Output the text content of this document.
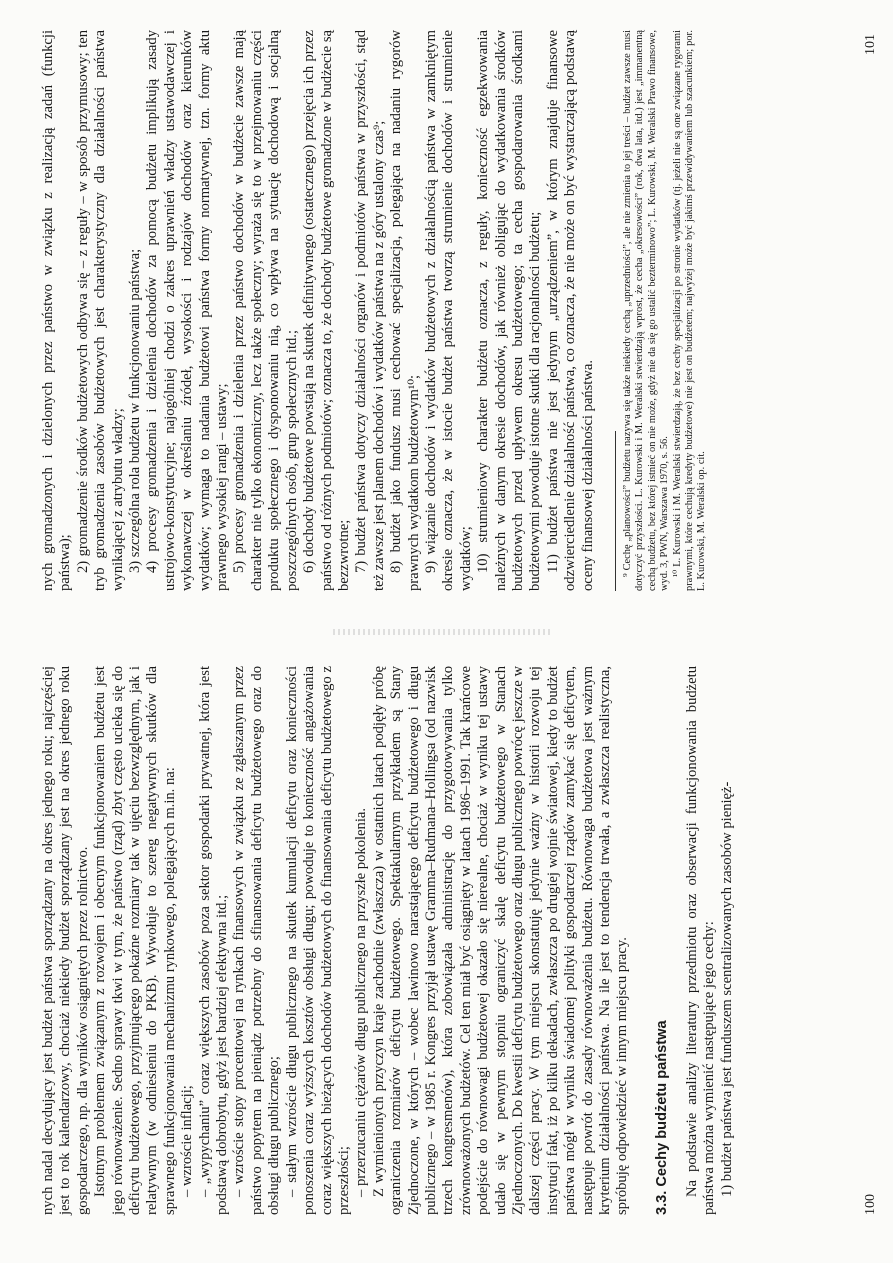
nych nadal decydujący jest budżet państwa sporządzany na okres jednego roku; najczęściej jest to rok kalendarzowy, chociaż niekiedy budżet sporządzany jest na okres jednego roku gospodarczego, np. dla wyników osiągniętych przez rolnictwo. Istotnym problemem związanym z rozwojem i obecnym funkcjonowaniem budżetu jest jego równoważenie. Sedno sprawy tkwi w tym, że państwo (rząd) zbyt często ucieka się do deficytu budżetowego, przyjmującego pokaźne rozmiary tak w ujęciu bezwzględnym, jak i relatywnym (w odniesieniu do PKB). Wywołuje to szereg negatywnych skutków dla sprawnego funkcjonowania mechanizmu rynkowego, polegających m.in. na: – wzroście inflacji; – „wypychaniu” coraz większych zasobów poza sektor gospodarki prywatnej, która jest podstawą dobrobytu, gdyż jest bardziej efektywna itd.; – wzroście stopy procentowej na rynkach finansowych w związku ze zgłaszanym przez państwo popytem na pieniądz potrzebny do sfinansowania deficytu budżetowego oraz do obsługi długu publicznego; – stałym wzroście długu publicznego na skutek kumulacji deficytu oraz konieczności ponoszenia coraz wyższych kosztów obsługi długu; powoduje to konieczność angażowania coraz większych bieżących dochodów budżetowych do finansowania deficytu budżetowego z przeszłości; – przerzucaniu ciężarów długu publicznego na przyszłe pokolenia. Z wymienionych przyczyn kraje zachodnie (zwłaszcza) w ostatnich latach podjęły próbę ograniczenia rozmiarów deficytu budżetowego. Spektakularnym przykładem są Stany Zjednoczone, w których – wobec lawinowo narastającego deficytu budżetowego i długu publicznego – w 1985 r. Kongres przyjął ustawę Gramma–Rudmana–Hollingsa (od nazwisk trzech kongresmenów), która zobowiązała administrację do przygotowywania tylko zrównoważonych budżetów. Cel ten miał być osiągnięty w latach 1986–1991. Tak krańcowe podejście do równowagi budżetowej okazało się nierealne, chociaż w wyniku tej ustawy udało się w pewnym stopniu ograniczyć skalę deficytu budżetowego w Stanach Zjednoczonych. Do kwestii deficytu budżetowego oraz długu publicznego powrócę jeszcze w dalszej części pracy. W tym miejscu skonstatuję jedynie ważny w historii rozwoju tej instytucji fakt, iż po kilku dekadach, zwłaszcza po drugiej wojnie światowej, kiedy to budżet państwa mógł w wyniku świadomej polityki gospodarczej rządów zamykać się deficytem, następuje powrót do zasady równoważenia budżetu. Równowaga budżetowa jest ważnym kryterium działalności państwa. Na ile jest to tendencja trwała, a zwłaszcza realistyczna, spróbuję odpowiedzieć w innym miejscu pracy. 3.3. Cechy budżetu państwa Na podstawie analizy literatury przedmiotu oraz obserwacji funkcjonowania budżetu państwa można wymienić następujące jego cechy: 1) budżet państwa jest funduszem scentralizowanych zasobów pienięż-

100

nych gromadzonych i dzielonych przez państwo w związku z realizacją zadań (funkcji państwa); 2) gromadzenie środków budżetowych odbywa się – z reguły – w sposób przymusowy; ten tryb gromadzenia zasobów budżetowych jest charakterystyczny dla działalności państwa wynikającej z atrybutu władzy; 3) szczególna rola budżetu w funkcjonowaniu państwa; 4) procesy gromadzenia i dzielenia dochodów za pomocą budżetu implikują zasady ustrojowo-konstytucyjne; najogólniej chodzi o zakres uprawnień władzy ustawodawczej i wykonawczej w określaniu źródeł, wysokości i rodzajów dochodów oraz kierunków wydatków; wymaga to nadania budżetowi państwa formy normatywnej, tzn. formy aktu prawnego wysokiej rangi – ustawy; 5) procesy gromadzenia i dzielenia przez państwo dochodów w budżecie zawsze mają charakter nie tylko ekonomiczny, lecz także społeczny; wyraża się to w przejmowaniu części produktu społecznego i dysponowaniu nią, co wpływa na sytuację dochodową i socjalną poszczególnych osób, grup społecznych itd.; 6) dochody budżetowe powstają na skutek definitywnego (ostatecznego) przejęcia ich przez państwo od różnych podmiotów; oznacza to, że dochody budżetowe gromadzone w budżecie są bezzwrotne; 7) budżet państwa dotyczy działalności organów i podmiotów państwa w przyszłości, stąd też zawsze jest planem dochodów i wydatków państwa na z góry ustalony czas⁹; 8) budżet jako fundusz musi cechować specjalizacja, polegająca na nadaniu rygorów prawnych wydatkom budżetowym¹⁰; 9) wiązanie dochodów i wydatków budżetowych z działalnością państwa w zamkniętym okresie oznacza, że w istocie budżet państwa tworzą strumienie dochodów i strumienie wydatków; 10) strumieniowy charakter budżetu oznacza, z reguły, konieczność egzekwowania należnych w danym okresie dochodów, jak również obligując do wydatkowania środków budżetowych przed upływem okresu budżetowego; ta cecha gospodarowania środkami budżetowymi powoduje istotne skutki dla racjonalności budżetu; 11) budżet państwa nie jest jedynym „urządzeniem”, w którym znajduje finansowe odzwierciedlenie działalność państwa, co oznacza, że nie może on być wystarczającą podstawą oceny finansowej działalności państwa.	⁹ Cechę „planowości” budżetu nazywa się także niekiedy cechą „uprzedniości”, ale nie zmienia to jej treści – budżet zawsze musi dotyczyć przyszłości. L. Kurowski i M. Weralski stwierdzają wprost, że cecha „okresowości” (rok, dwa lata, itd.) jest „immanentną cechą budżetu, bez której istnieć on nie może, gdyż nie da się go ustalić bezterminowo”; L. Kurowski, M. Weralski Prawo finansowe, wyd. 3, PWN, Warszawa 1970, s. 56. ¹⁰ L. Kurowski i M. Weralski stwierdzają, że bez cechy specjalizacji po stronie wydatków (tj. jeżeli nie są one związane rygorami prawnymi, które cechują kredyty budżetowe) nie jest on budżetem; najwyżej może być jakimś przewidywaniem lub szacunkiem; por. L. Kurowski, M. Weralski op. cit.

101
